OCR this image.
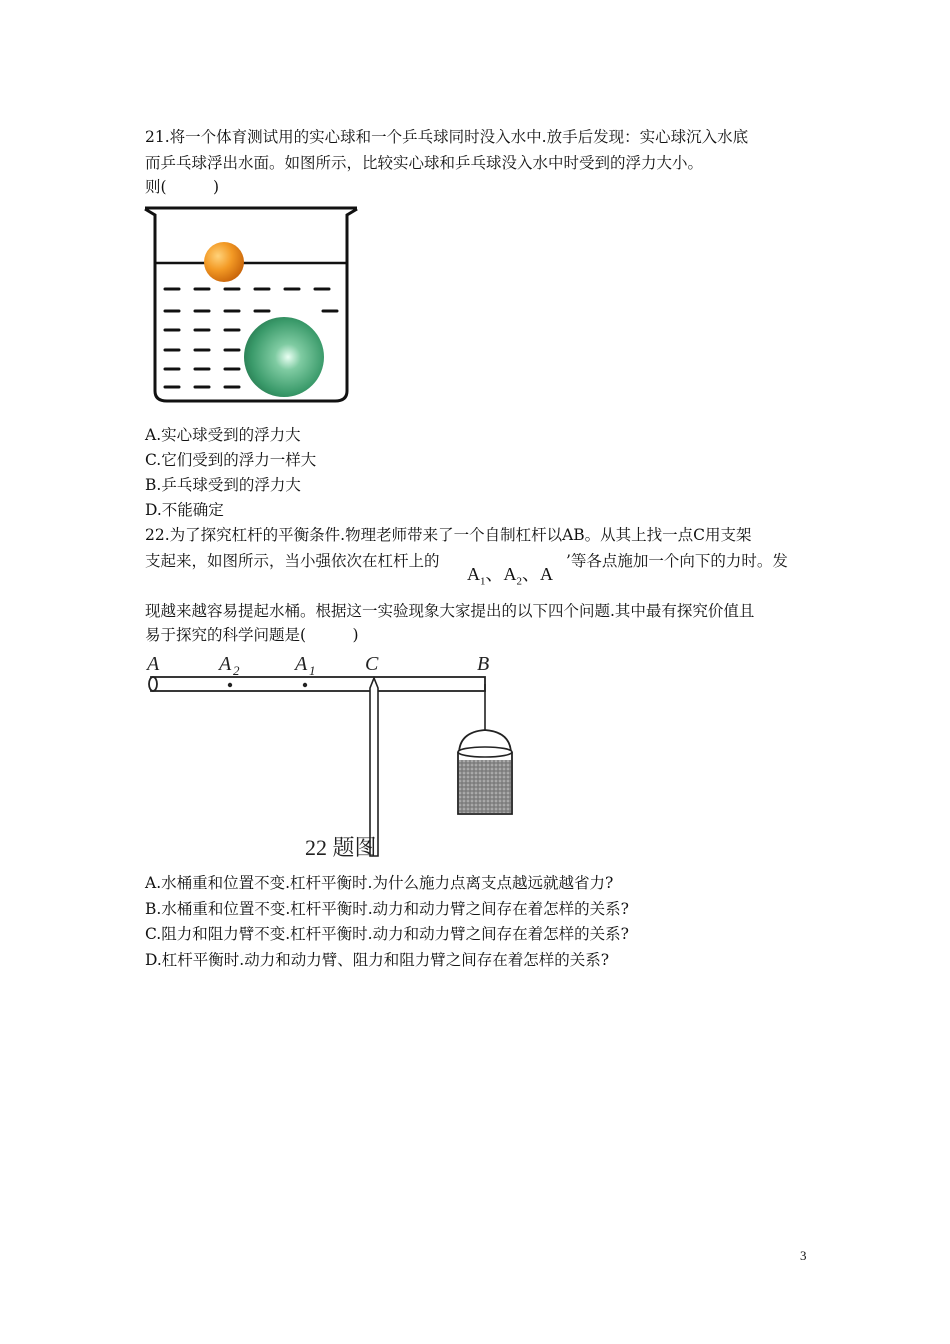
21.将一个体育测试用的实心球和一个乒乓球同时没入水中.放手后发现：实心球沉入水底
而乒乓球浮出水面。如图所示，比较实心球和乒乓球没入水中时受到的浮力大小。
则(　　　)
A.实心球受到的浮力大
C.它们受到的浮力一样大
B.乒乓球受到的浮力大
D.不能确定
22.为了探究杠杆的平衡条件.物理老师带来了一个自制杠杆以AB。从其上找一点C用支架
支起来，如图所示，当小强依次在杠杆上的
$A_1$、$A_2$、A
’等各点施加一个向下的力时。发
现越来越容易提起水桶。根据这一实验现象大家提出的以下四个问题.其中最有探究价值且
易于探究的科学问题是(　　　)
A	A 2	A 1 C	B
22 题图
A.水桶重和位置不变.杠杆平衡时.为什么施力点离支点越远就越省力?
B.水桶重和位置不变.杠杆平衡时.动力和动力臂之间存在着怎样的关系?
C.阻力和阻力臂不变.杠杆平衡时.动力和动力臂之间存在着怎样的关系?
D.杠杆平衡时.动力和动力臂、阻力和阻力臂之间存在着怎样的关系?
3
